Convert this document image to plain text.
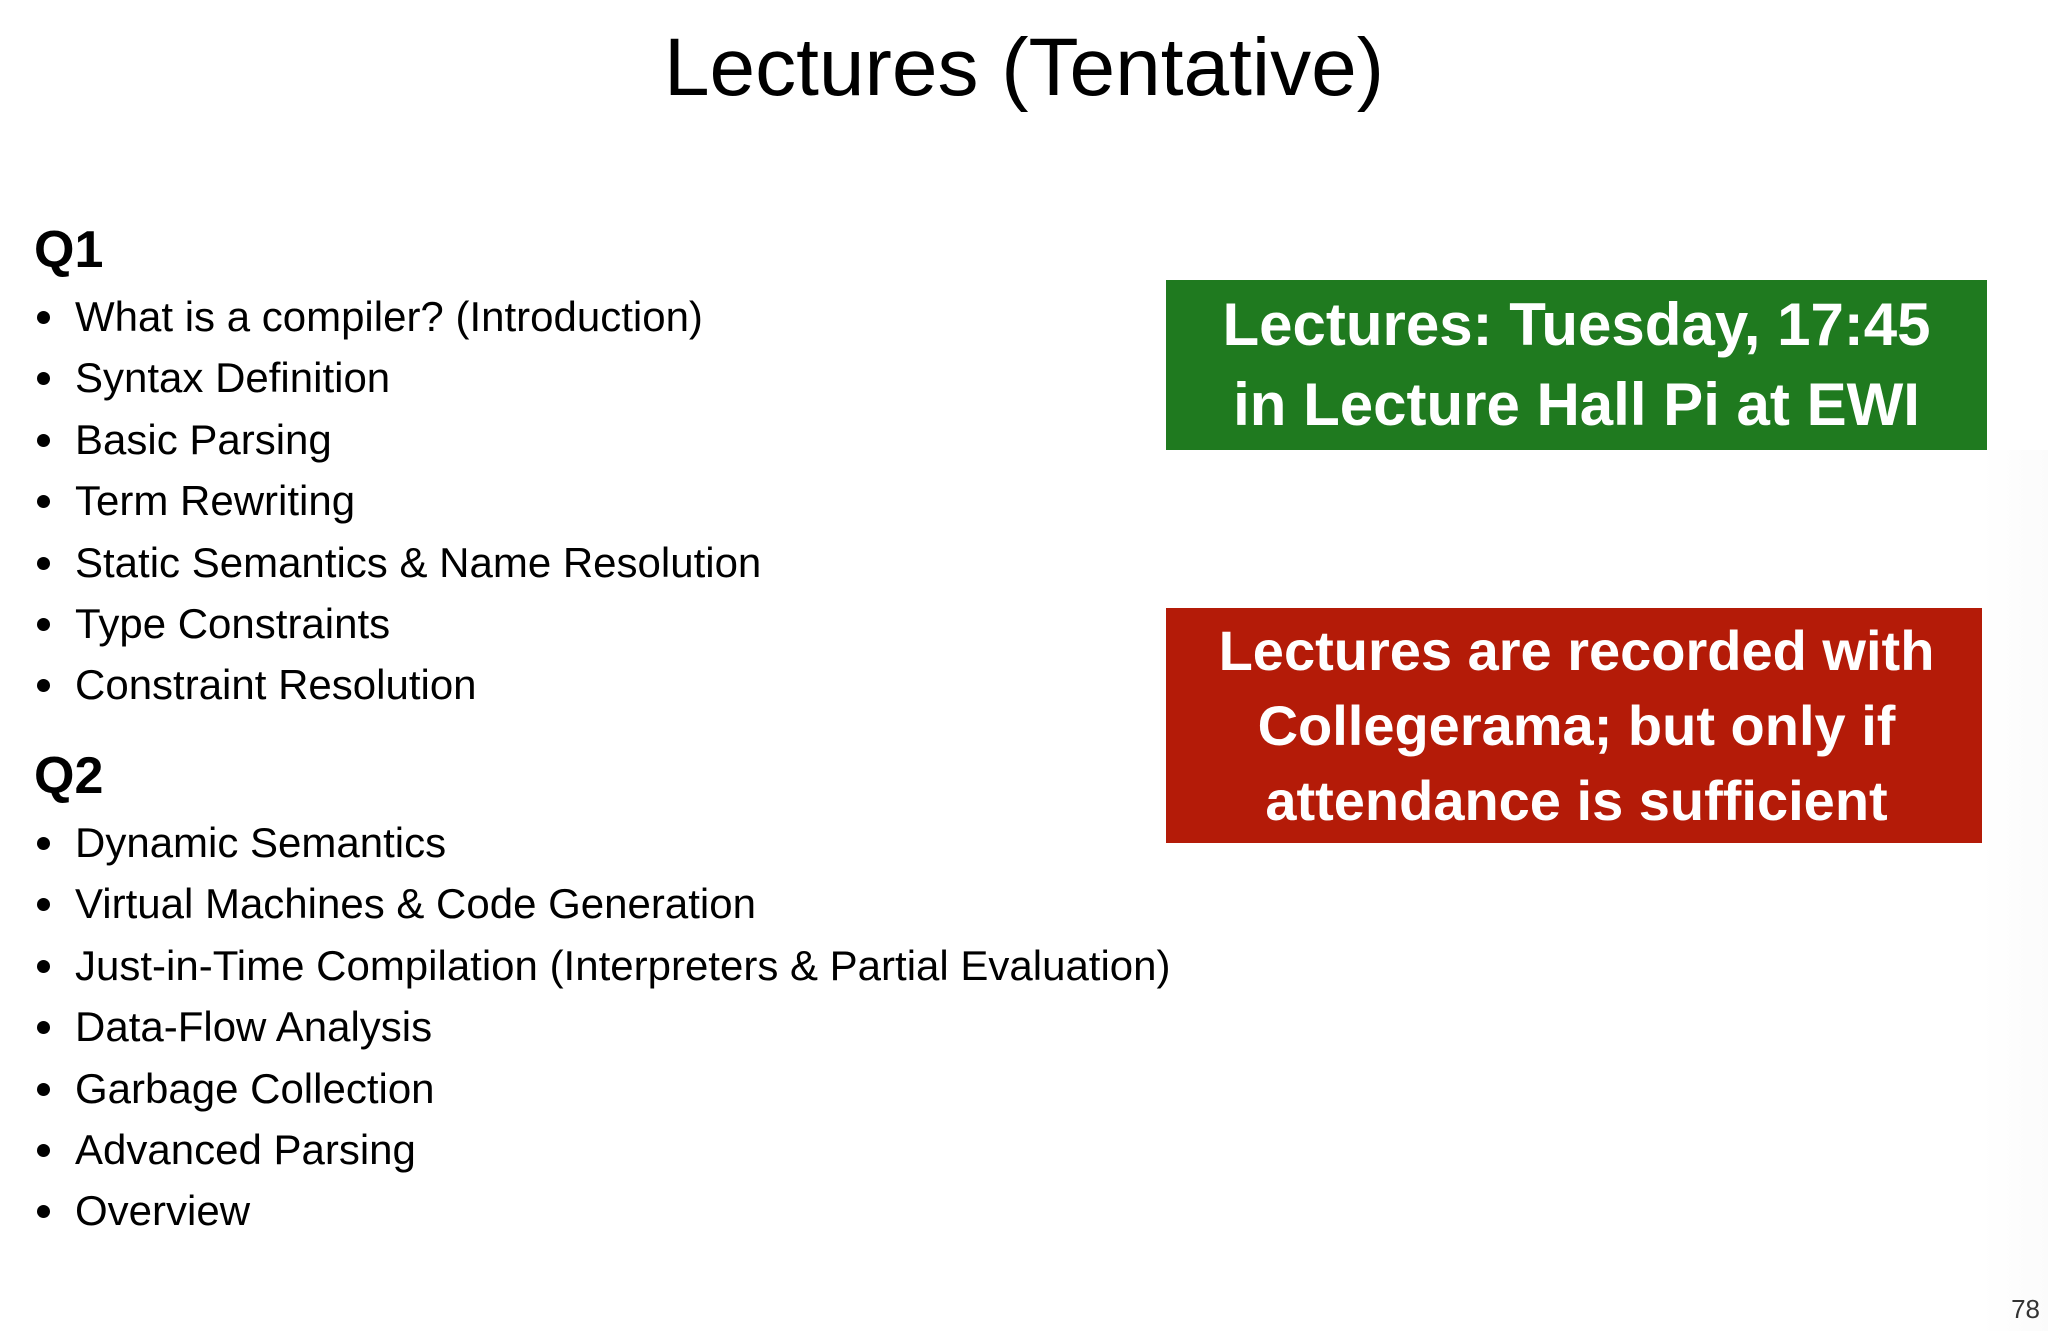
Lectures (Tentative)
Q1
What is a compiler? (Introduction)
Syntax Definition
Basic Parsing
Term Rewriting
Static Semantics & Name Resolution
Type Constraints
Constraint Resolution
Q2
Dynamic Semantics
Virtual Machines & Code Generation
Just-in-Time Compilation (Interpreters & Partial Evaluation)
Data-Flow Analysis
Garbage Collection
Advanced Parsing
Overview
Lectures: Tuesday, 17:45
in Lecture Hall Pi at EWI
Lectures are recorded with
Collegerama; but only if
attendance is sufficient
78
